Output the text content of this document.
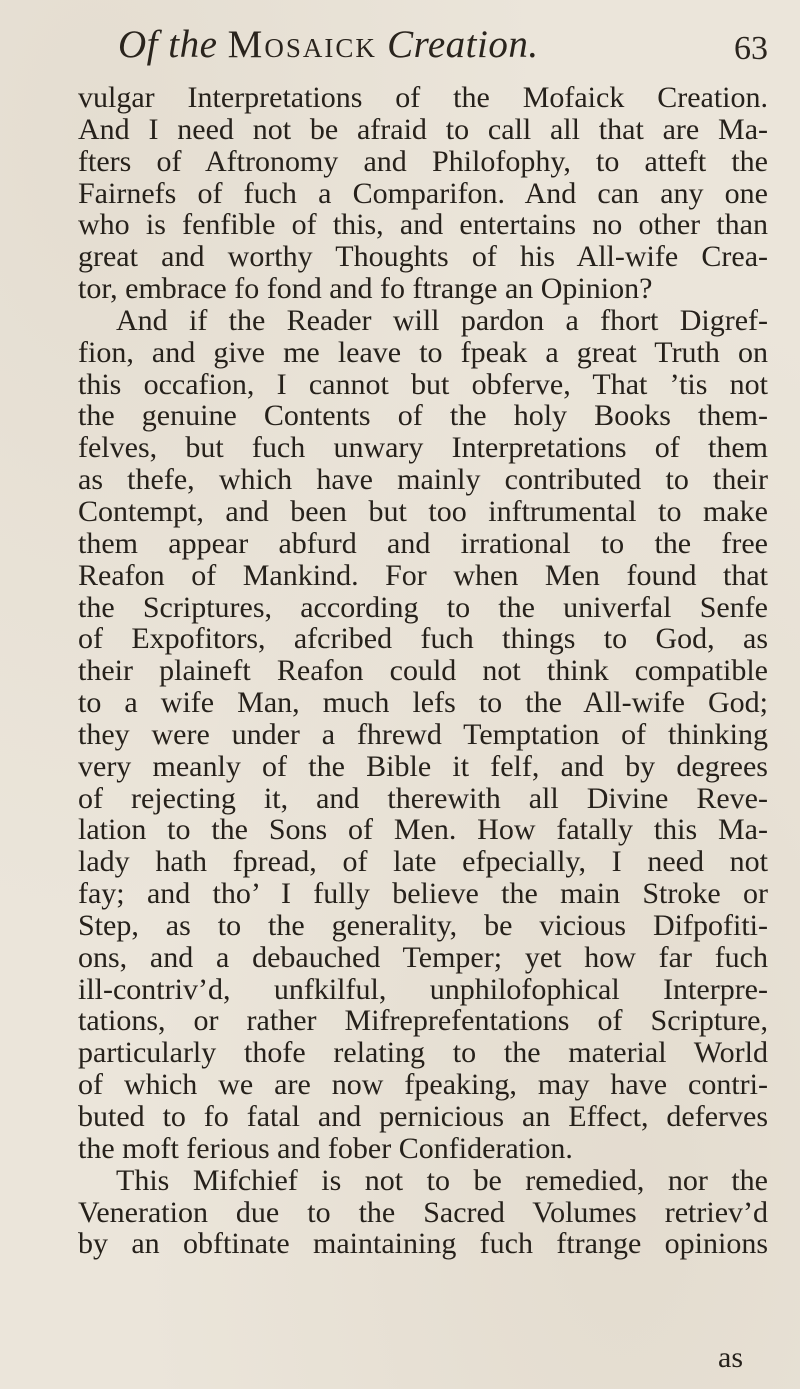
Of the Mosaick Creation.	63
vulgar Interpretations of the Mofaick Creation.
And I need not be afraid to call all that are Ma-
fters of Aftronomy and Philofophy, to atteft the
Fairnefs of fuch a Comparifon. And can any one
who is fenfible of this, and entertains no other than
great and worthy Thoughts of his All-wife Crea-
tor, embrace fo fond and fo ftrange an Opinion?
And if the Reader will pardon a fhort Digref-
fion, and give me leave to fpeak a great Truth on
this occafion, I cannot but obferve, That ’tis not
the genuine Contents of the holy Books them-
felves, but fuch unwary Interpretations of them
as thefe, which have mainly contributed to their
Contempt, and been but too inftrumental to make
them appear abfurd and irrational to the free
Reafon of Mankind. For when Men found that
the Scriptures, according to the univerfal Senfe
of Expofitors, afcribed fuch things to God, as
their plaineft Reafon could not think compatible
to a wife Man, much lefs to the All-wife God;
they were under a fhrewd Temptation of thinking
very meanly of the Bible it felf, and by degrees
of rejecting it, and therewith all Divine Reve-
lation to the Sons of Men. How fatally this Ma-
lady hath fpread, of late efpecially, I need not
fay; and tho’ I fully believe the main Stroke or
Step, as to the generality, be vicious Difpofiti-
ons, and a debauched Temper; yet how far fuch
ill-contriv’d, unfkilful, unphilofophical Interpre-
tations, or rather Mifreprefentations of Scripture,
particularly thofe relating to the material World
of which we are now fpeaking, may have contri-
buted to fo fatal and pernicious an Effect, deferves
the moft ferious and fober Confideration.
This Mifchief is not to be remedied, nor the
Veneration due to the Sacred Volumes retriev’d
by an obftinate maintaining fuch ftrange opinions
as
